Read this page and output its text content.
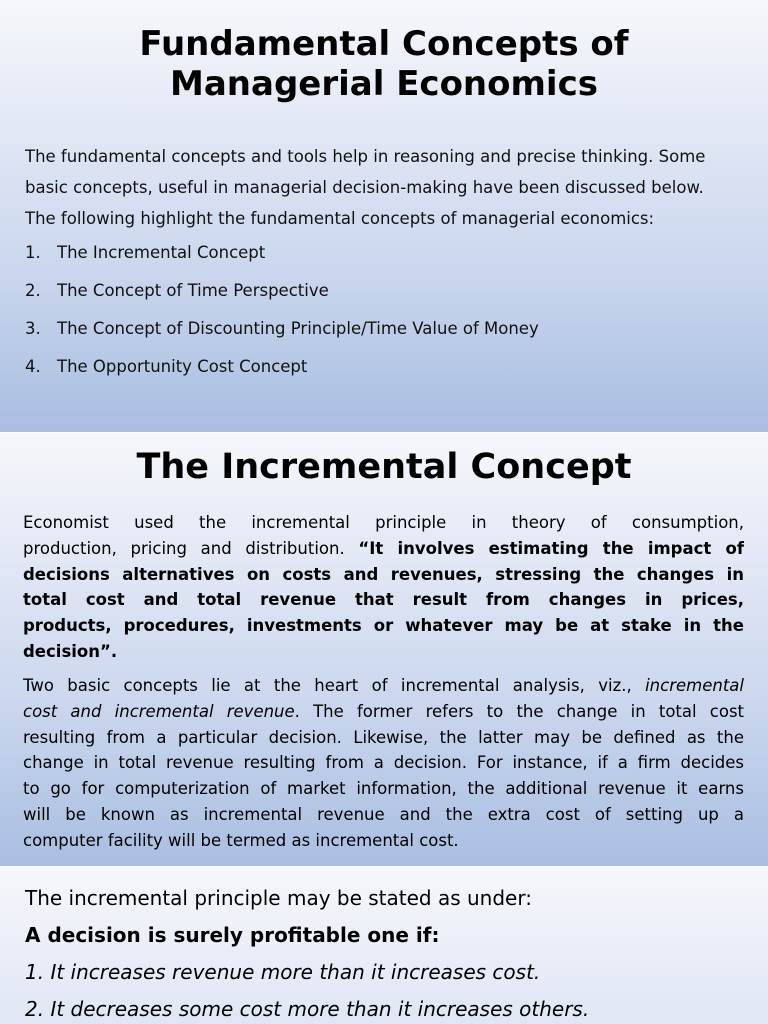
Fundamental Concepts of
Managerial Economics
The fundamental concepts and tools help in reasoning and precise thinking. Some
basic concepts, useful in managerial decision-making have been discussed below.
The following highlight the fundamental concepts of managerial economics:
1. The Incremental Concept
2. The Concept of Time Perspective
3. The Concept of Discounting Principle/Time Value of Money
4. The Opportunity Cost Concept
The Incremental Concept
Economist used the incremental principle in theory of consumption,
production, pricing and distribution. “It involves estimating the impact of
decisions alternatives on costs and revenues, stressing the changes in
total cost and total revenue that result from changes in prices,
products, procedures, investments or whatever may be at stake in the
decision”.
Two basic concepts lie at the heart of incremental analysis, viz., incremental
cost and incremental revenue. The former refers to the change in total cost
resulting from a particular decision. Likewise, the latter may be defined as the
change in total revenue resulting from a decision. For instance, if a firm decides
to go for computerization of market information, the additional revenue it earns
will be known as incremental revenue and the extra cost of setting up a
computer facility will be termed as incremental cost.

The incremental principle may be stated as under:

A decision is surely profitable one if:

1. It increases revenue more than it increases cost.

2. It decreases some cost more than it increases others.
